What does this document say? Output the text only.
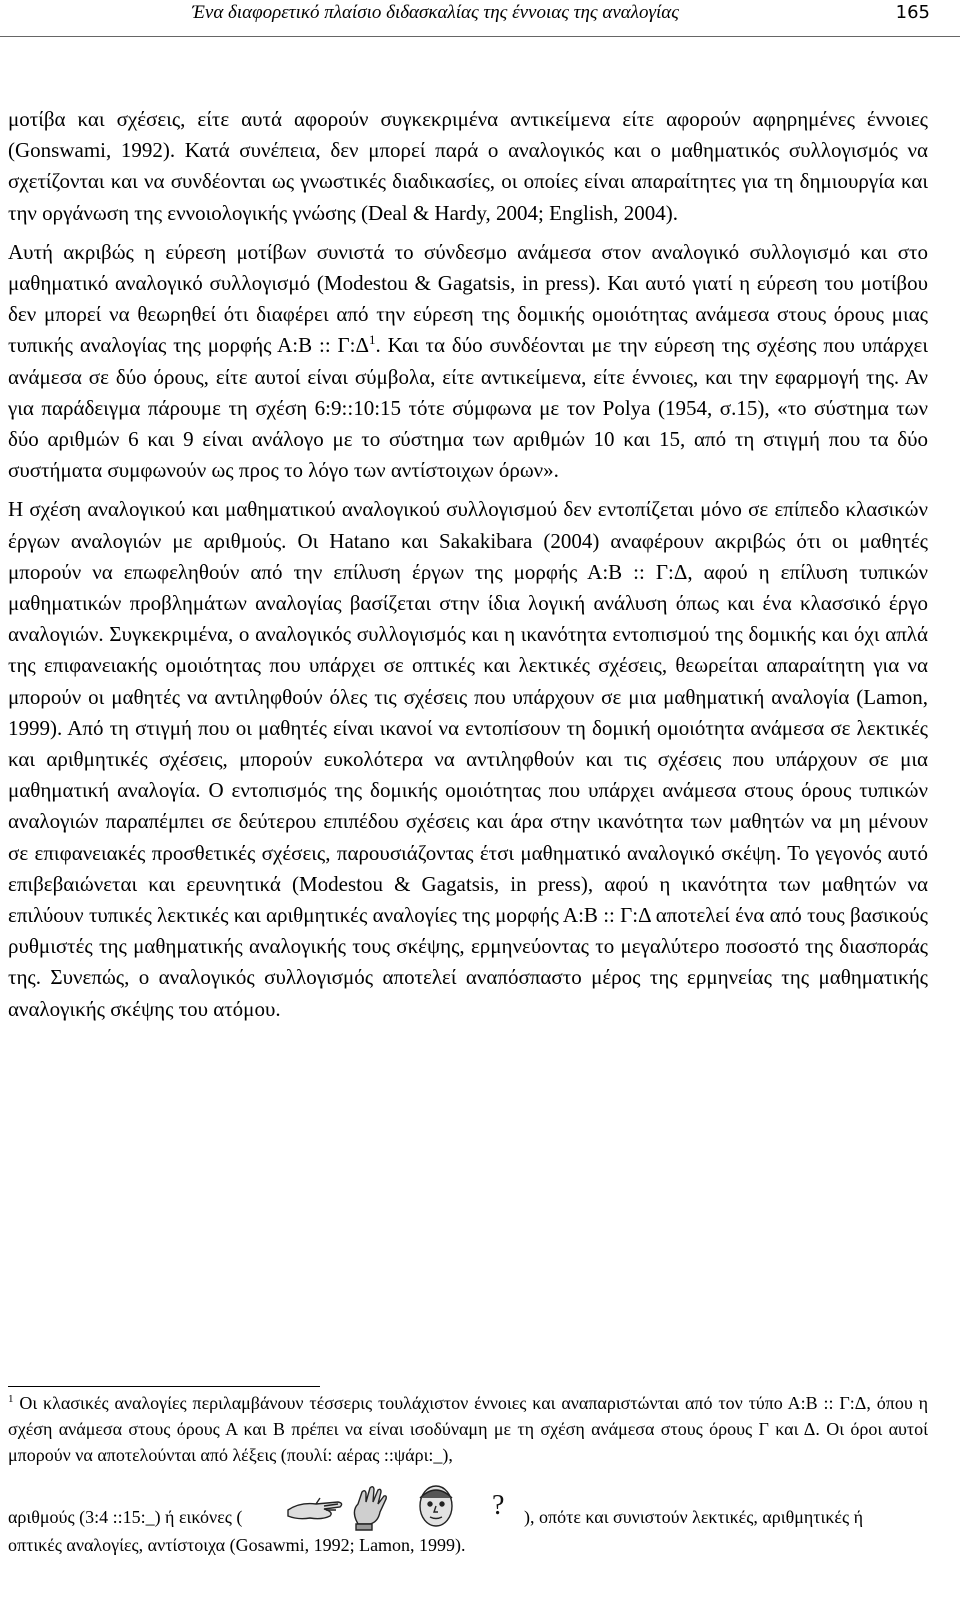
Ένα διαφορετικό πλαίσιο διδασκαλίας της έννοιας της αναλογίας	165

μοτίβα και σχέσεις, είτε αυτά αφορούν συγκεκριμένα αντικείμενα είτε αφορούν αφηρημένες έννοιες (Gonswami, 1992). Κατά συνέπεια, δεν μπορεί παρά ο αναλογικός και ο μαθηματικός συλλογισμός να σχετίζονται και να συνδέονται ως γνωστικές διαδικασίες, οι οποίες είναι απαραίτητες για τη δημιουργία και την οργάνωση της εννοιολογικής γνώσης (Deal & Hardy, 2004; English, 2004).

Αυτή ακριβώς η εύρεση μοτίβων συνιστά το σύνδεσμο ανάμεσα στον αναλογικό συλλογισμό και στο μαθηματικό αναλογικό συλλογισμό (Modestou & Gagatsis, in press). Και αυτό γιατί η εύρεση του μοτίβου δεν μπορεί να θεωρηθεί ότι διαφέρει από την εύρεση της δομικής ομοιότητας ανάμεσα στους όρους μιας τυπικής αναλογίας της μορφής Α:Β :: $\Gamma:\Delta^1$. Και τα δύο συνδέονται με την εύρεση της σχέσης που υπάρχει ανάμεσα σε δύο όρους, είτε αυτοί είναι σύμβολα, είτε αντικείμενα, είτε έννοιες, και την εφαρμογή της. Αν για παράδειγμα πάρουμε τη σχέση 6:9::10:15 τότε σύμφωνα με τον Polya (1954, σ.15), «το σύστημα των δύο αριθμών 6 και 9 είναι ανάλογο με το σύστημα των αριθμών 10 και 15, από τη στιγμή που τα δύο συστήματα συμφωνούν ως προς το λόγο των αντίστοιχων όρων».

Η σχέση αναλογικού και μαθηματικού αναλογικού συλλογισμού δεν εντοπίζεται μόνο σε επίπεδο κλασικών έργων αναλογιών με αριθμούς. Οι Hatano και Sakakibara (2004) αναφέρουν ακριβώς ότι οι μαθητές μπορούν να επωφεληθούν από την επίλυση έργων της μορφής Α:Β :: Γ:Δ, αφού η επίλυση τυπικών μαθηματικών προβλημάτων αναλογίας βασίζεται στην ίδια λογική ανάλυση όπως και ένα κλασσικό έργο αναλογιών. Συγκεκριμένα, ο αναλογικός συλλογισμός και η ικανότητα εντοπισμού της δομικής και όχι απλά της επιφανειακής ομοιότητας που υπάρχει σε οπτικές και λεκτικές σχέσεις, θεωρείται απαραίτητη για να μπορούν οι μαθητές να αντιληφθούν όλες τις σχέσεις που υπάρχουν σε μια μαθηματική αναλογία (Lamon, 1999). Από τη στιγμή που οι μαθητές είναι ικανοί να εντοπίσουν τη δομική ομοιότητα ανάμεσα σε λεκτικές και αριθμητικές σχέσεις, μπορούν ευκολότερα να αντιληφθούν και τις σχέσεις που υπάρχουν σε μια μαθηματική αναλογία. Ο εντοπισμός της δομικής ομοιότητας που υπάρχει ανάμεσα στους όρους τυπικών αναλογιών παραπέμπει σε δεύτερου επιπέδου σχέσεις και άρα στην ικανότητα των μαθητών να μη μένουν σε επιφανειακές προσθετικές σχέσεις, παρουσιάζοντας έτσι μαθηματικό αναλογικό σκέψη. Το γεγονός αυτό επιβεβαιώνεται και ερευνητικά (Modestou & Gagatsis, in press), αφού η ικανότητα των μαθητών να επιλύουν τυπικές λεκτικές και αριθμητικές αναλογίες της μορφής Α:Β :: Γ:Δ αποτελεί ένα από τους βασικούς ρυθμιστές της μαθηματικής αναλογικής τους σκέψης, ερμηνεύοντας το μεγαλύτερο ποσοστό της διασποράς της. Συνεπώς, ο αναλογικός συλλογισμός αποτελεί αναπόσπαστο μέρος της ερμηνείας της μαθηματικής αναλογικής σκέψης του ατόμου.

$^1$ Οι κλασικές αναλογίες περιλαμβάνουν τέσσερις τουλάχιστον έννοιες και αναπαριστώνται από τον τύπο Α:Β :: Γ:Δ, όπου η σχέση ανάμεσα στους όρους Α και Β πρέπει να είναι ισοδύναμη με τη σχέση ανάμεσα στους όρους Γ και Δ. Οι όροι αυτοί μπορούν να αποτελούνται από λέξεις (πουλί: αέρας ::ψάρι:_),

αριθμούς (3:4 ::15:_) ή εικόνες (	? ), οπότε και συνιστούν λεκτικές, αριθμητικές ή

οπτικές αναλογίες, αντίστοιχα (Gosawmi, 1992; Lamon, 1999).
